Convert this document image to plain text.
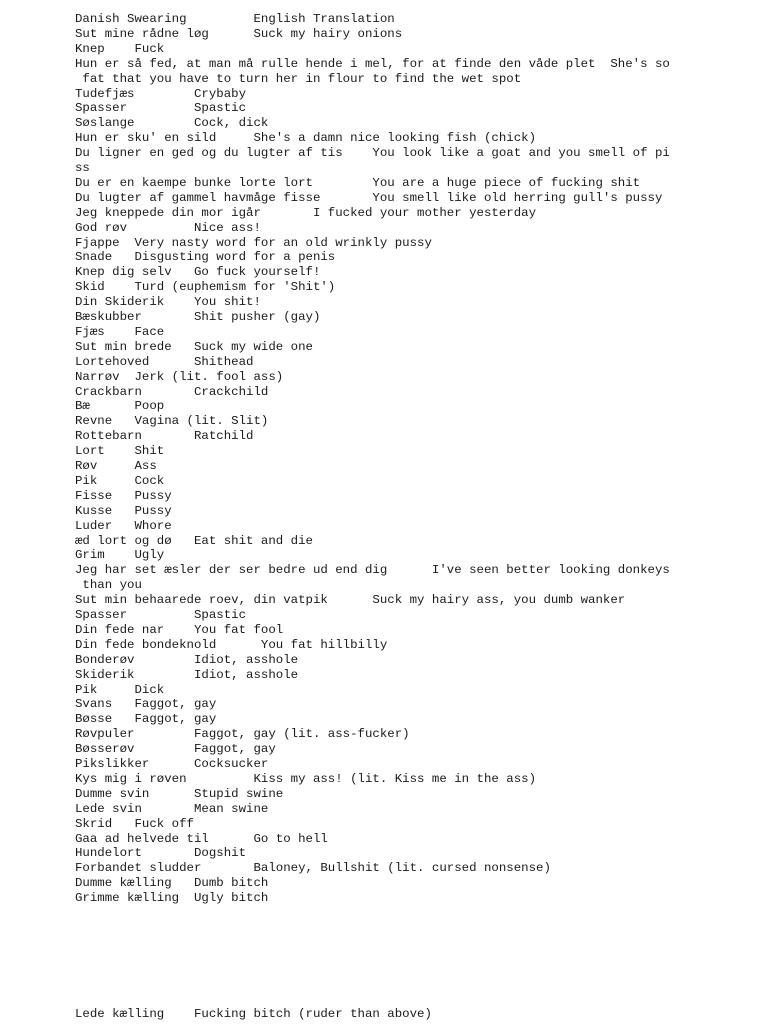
Danish Swearing         English Translation
Sut mine rådne løg      Suck my hairy onions
Knep    Fuck
Hun er så fed, at man må rulle hende i mel, for at finde den våde plet  She's so
fat that you have to turn her in flour to find the wet spot
Tudefjæs        Crybaby
Spasser         Spastic
Søslange        Cock, dick
Hun er sku' en sild     She's a damn nice looking fish (chick)
Du ligner en ged og du lugter af tis    You look like a goat and you smell of pi
ss
Du er en kaempe bunke lorte lort        You are a huge piece of fucking shit
Du lugter af gammel havmåge fisse       You smell like old herring gull's pussy
Jeg kneppede din mor igår       I fucked your mother yesterday
God røv         Nice ass!
Fjappe  Very nasty word for an old wrinkly pussy
Snade   Disgusting word for a penis
Knep dig selv   Go fuck yourself!
Skid    Turd (euphemism for 'Shit')
Din Skiderik    You shit!
Bæskubber       Shit pusher (gay)
Fjæs    Face
Sut min brede   Suck my wide one
Lortehoved      Shithead
Narrøv  Jerk (lit. fool ass)
Crackbarn       Crackchild
Bæ      Poop
Revne   Vagina (lit. Slit)
Rottebarn       Ratchild
Lort    Shit
Røv     Ass
Pik     Cock
Fisse   Pussy
Kusse   Pussy
Luder   Whore
æd lort og dø   Eat shit and die
Grim    Ugly
Jeg har set æsler der ser bedre ud end dig      I've seen better looking donkeys
than you
Sut min behaarede roev, din vatpik      Suck my hairy ass, you dumb wanker
Spasser         Spastic
Din fede nar    You fat fool
Din fede bondeknold      You fat hillbilly
Bonderøv        Idiot, asshole
Skiderik        Idiot, asshole
Pik     Dick
Svans   Faggot, gay
Bøsse   Faggot, gay
Røvpuler        Faggot, gay (lit. ass-fucker)
Bøsserøv        Faggot, gay
Pikslikker      Cocksucker
Kys mig i røven         Kiss my ass! (lit. Kiss me in the ass)
Dumme svin      Stupid swine
Lede svin       Mean swine
Skrid   Fuck off
Gaa ad helvede til      Go to hell
Hundelort       Dogshit
Forbandet sludder       Baloney, Bullshit (lit. cursed nonsense)
Dumme kælling   Dumb bitch
Grimme kælling  Ugly bitch
Lede kælling    Fucking bitch (ruder than above)
